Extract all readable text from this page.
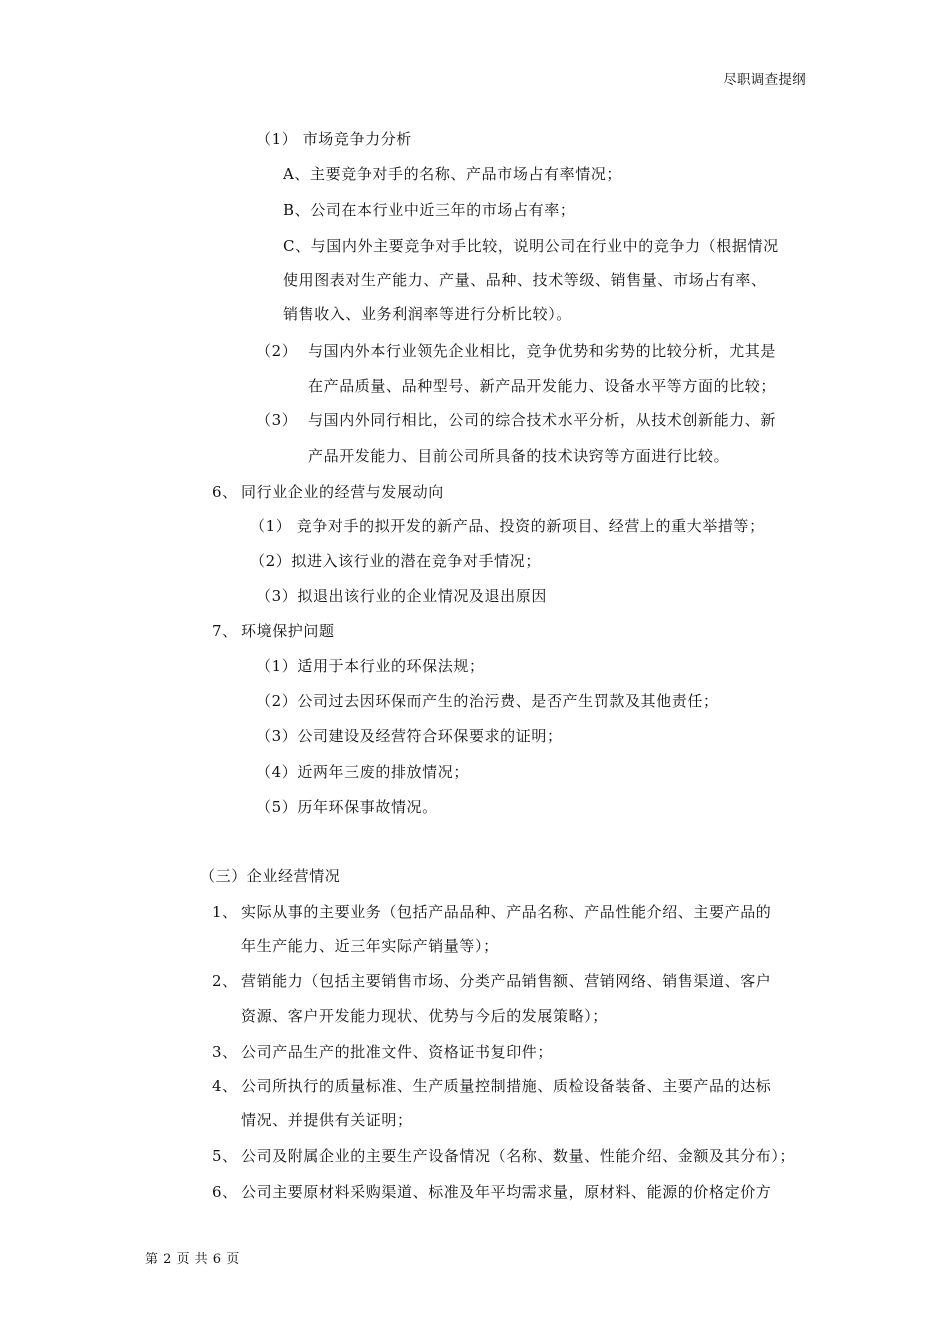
尽职调查提纲
（1） 市场竞争力分析
A、主要竞争对手的名称、产品市场占有率情况；
B、公司在本行业中近三年的市场占有率；
C、与国内外主要竞争对手比较，说明公司在行业中的竞争力（根据情况
使用图表对生产能力、产量、品种、技术等级、销售量、市场占有率、
销售收入、业务利润率等进行分析比较）。
（2） 与国内外本行业领先企业相比，竞争优势和劣势的比较分析，尤其是
在产品质量、品种型号、新产品开发能力、设备水平等方面的比较；
（3） 与国内外同行相比，公司的综合技术水平分析，从技术创新能力、新
产品开发能力、目前公司所具备的技术诀窍等方面进行比较。
6、 同行业企业的经营与发展动向
（1） 竞争对手的拟开发的新产品、投资的新项目、经营上的重大举措等；
（2）拟进入该行业的潜在竞争对手情况；
（3）拟退出该行业的企业情况及退出原因
7、 环境保护问题
（1）适用于本行业的环保法规；
（2）公司过去因环保而产生的治污费、是否产生罚款及其他责任；
（3）公司建设及经营符合环保要求的证明；
（4）近两年三废的排放情况；
（5）历年环保事故情况。
（三）企业经营情况
1、 实际从事的主要业务（包括产品品种、产品名称、产品性能介绍、主要产品的
年生产能力、近三年实际产销量等）；
2、 营销能力（包括主要销售市场、分类产品销售额、营销网络、销售渠道、客户
资源、客户开发能力现状、优势与今后的发展策略）；
3、 公司产品生产的批准文件、资格证书复印件；
4、 公司所执行的质量标准、生产质量控制措施、质检设备装备、主要产品的达标
情况、并提供有关证明；
5、 公司及附属企业的主要生产设备情况（名称、数量、性能介绍、金额及其分布）；
6、 公司主要原材料采购渠道、标准及年平均需求量，原材料、能源的价格定价方
第 2 页 共 6 页
